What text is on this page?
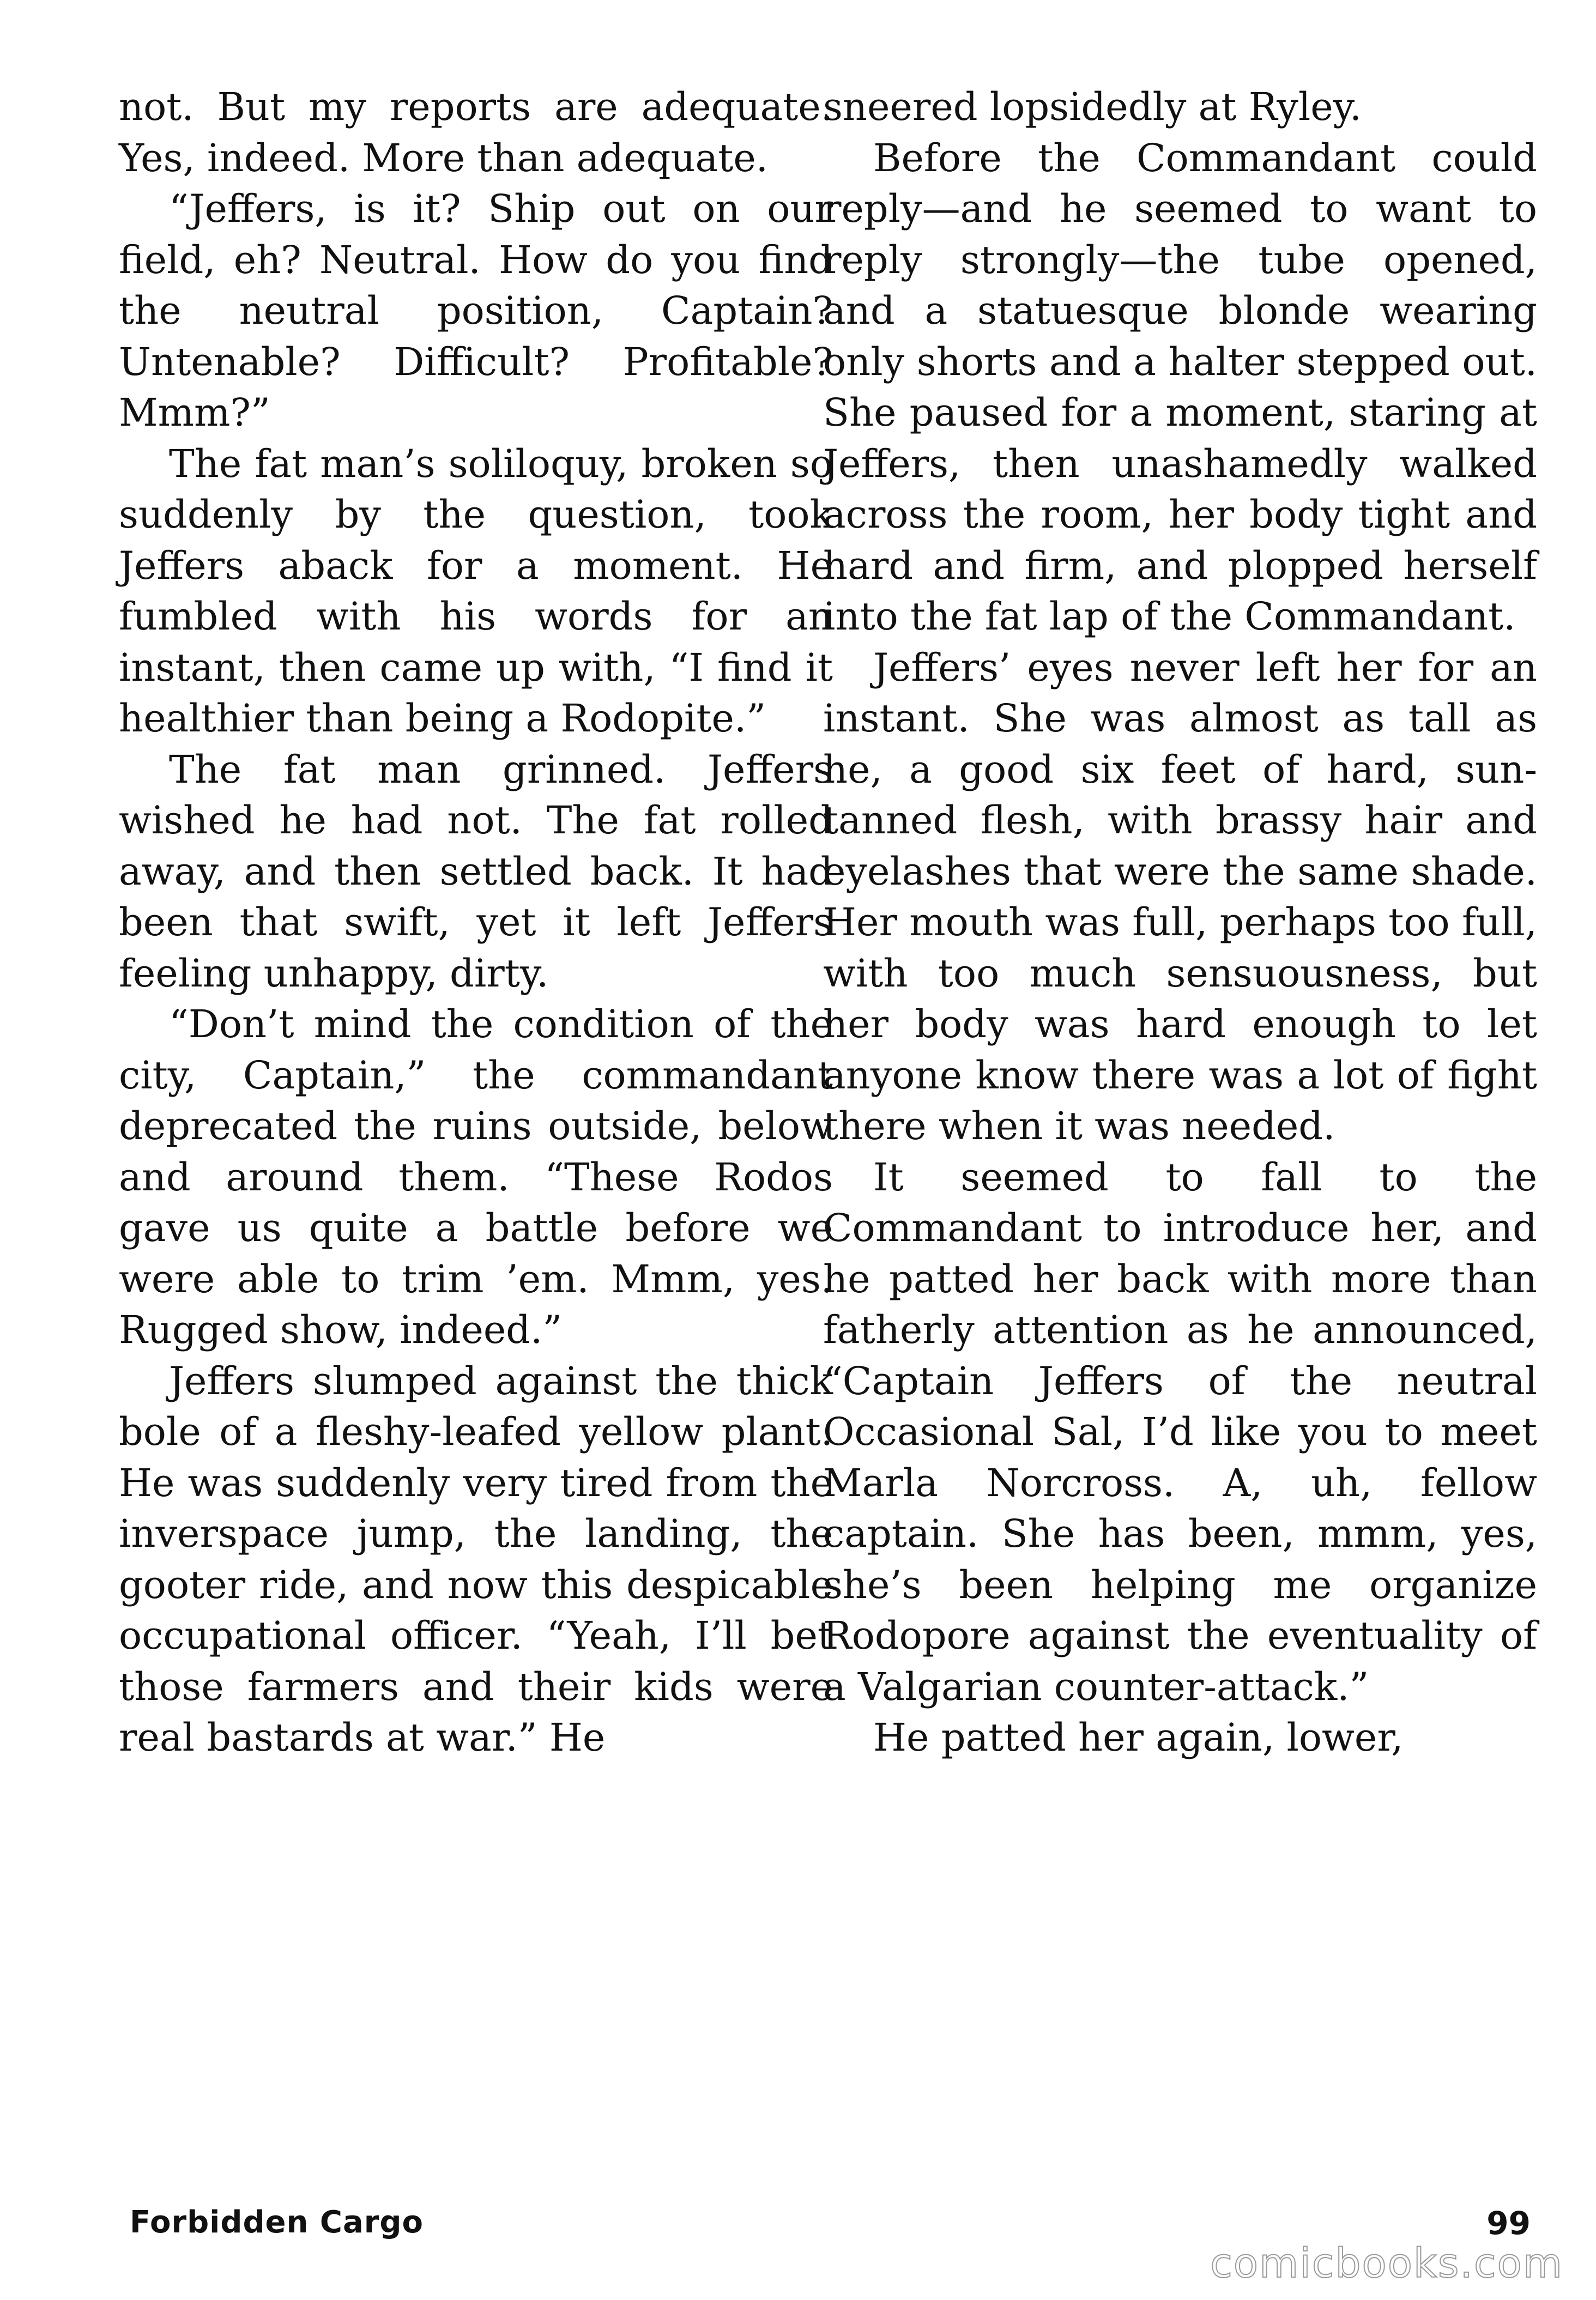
not. But my reports are adequate. Yes, indeed. More than adequate.

“Jeffers, is it? Ship out on our field, eh? Neutral. How do you find the neutral position, Captain? Untenable? Difficult? Profitable? Mmm?”

The fat man’s soliloquy, broken so suddenly by the question, took Jeffers aback for a moment. He fumbled with his words for an instant, then came up with, “I find it healthier than being a Rodopite.”

The fat man grinned. Jeffers wished he had not. The fat rolled away, and then settled back. It had been that swift, yet it left Jeffers feeling unhappy, dirty.

“Don’t mind the condition of the city, Captain,” the commandant deprecated the ruins outside, below and around them. “These Rodos gave us quite a battle before we were able to trim ’em. Mmm, yes. Rugged show, indeed.”

Jeffers slumped against the thick bole of a fleshy-leafed yellow plant. He was suddenly very tired from the inverspace jump, the landing, the gooter ride, and now this despicable occupational officer. “Yeah, I’ll bet those farmers and their kids were real bastards at war.” He

sneered lopsidedly at Ryley.

Before the Commandant could reply—and he seemed to want to reply strongly—the tube opened, and a statuesque blonde wearing only shorts and a halter stepped out. She paused for a moment, staring at Jeffers, then unashamedly walked across the room, her body tight and hard and firm, and plopped herself into the fat lap of the Commandant.

Jeffers’ eyes never left her for an instant. She was almost as tall as he, a good six feet of hard, sun-tanned flesh, with brassy hair and eyelashes that were the same shade. Her mouth was full, perhaps too full, with too much sensuousness, but her body was hard enough to let anyone know there was a lot of fight there when it was needed.

It seemed to fall to the Commandant to introduce her, and he patted her back with more than fatherly attention as he announced, “Captain Jeffers of the neutral Occasional Sal, I’d like you to meet Marla Norcross. A, uh, fellow captain. She has been, mmm, yes, she’s been helping me organize Rodopore against the eventuality of a Valgarian counter-attack.”

He patted her again, lower,

Forbidden Cargo	99
comicbooks.com
